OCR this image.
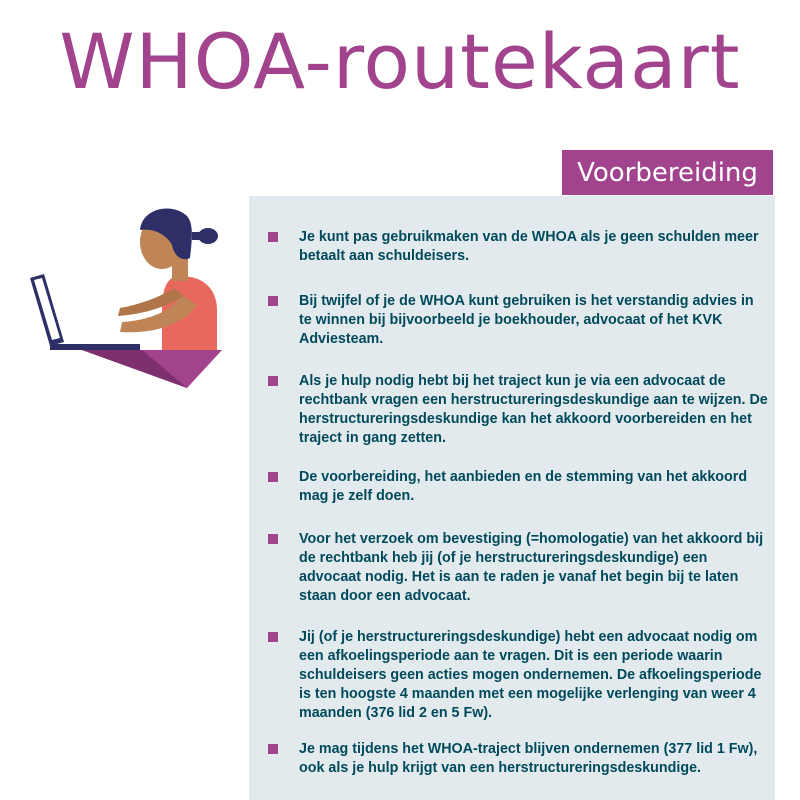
WHOA-routekaart
Voorbereiding
Je kunt pas gebruikmaken van de WHOA als je geen schulden meer betaalt aan schuldeisers.
Bij twijfel of je de WHOA kunt gebruiken is het verstandig advies in te winnen bij bijvoorbeeld je boekhouder, advocaat of het KVK Adviesteam.
Als je hulp nodig hebt bij het traject kun je via een advocaat de rechtbank vragen een herstructureringsdeskundige aan te wijzen. De herstructureringsdeskundige kan het akkoord voorbereiden en het traject in gang zetten.
De voorbereiding, het aanbieden en de stemming van het akkoord mag je zelf doen.
Voor het verzoek om bevestiging (=homologatie) van het akkoord bij de rechtbank heb jij (of je herstructureringsdeskundige) een advocaat nodig. Het is aan te raden je vanaf het begin bij te laten staan door een advocaat.
Jij (of je herstructureringsdeskundige) hebt een advocaat nodig om een afkoelingsperiode aan te vragen. Dit is een periode waarin schuldeisers geen acties mogen ondernemen. De afkoelingsperiode is ten hoogste 4 maanden met een mogelijke verlenging van weer 4 maanden (376 lid 2 en 5 Fw).
Je mag tijdens het WHOA-traject blijven ondernemen (377 lid 1 Fw), ook als je hulp krijgt van een herstructureringsdeskundige.
